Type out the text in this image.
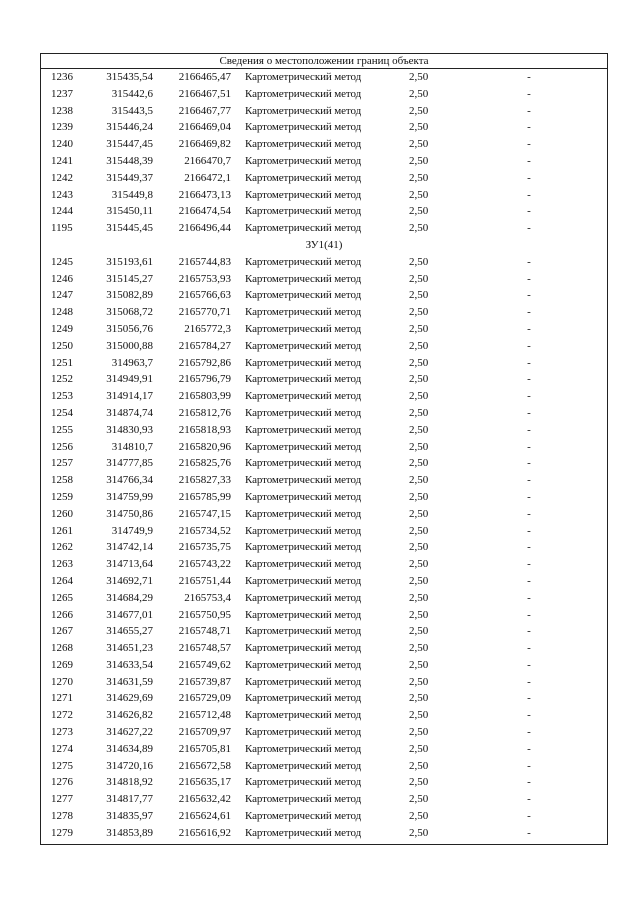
Сведения о местоположении границ объекта
1236	315435,54	2166465,47 Картометрический метод	2,50	-
1237	315442,6	2166467,51 Картометрический метод	2,50	-
1238	315443,5	2166467,77 Картометрический метод	2,50	-
1239	315446,24	2166469,04 Картометрический метод	2,50	-
1240	315447,45	2166469,82 Картометрический метод	2,50	-
1241	315448,39	2166470,7 Картометрический метод	2,50	-
1242	315449,37	2166472,1 Картометрический метод	2,50	-
1243	315449,8	2166473,13 Картометрический метод	2,50	-
1244	315450,11	2166474,54 Картометрический метод	2,50	-
1195	315445,45	2166496,44 Картометрический метод	2,50	-
ЗУ1(41)
1245	315193,61	2165744,83 Картометрический метод	2,50	-
1246	315145,27	2165753,93 Картометрический метод	2,50	-
1247	315082,89	2165766,63 Картометрический метод	2,50	-
1248	315068,72	2165770,71 Картометрический метод	2,50	-
1249	315056,76	2165772,3 Картометрический метод	2,50	-
1250	315000,88	2165784,27 Картометрический метод	2,50	-
1251	314963,7	2165792,86 Картометрический метод	2,50	-
1252	314949,91	2165796,79 Картометрический метод	2,50	-
1253	314914,17	2165803,99 Картометрический метод	2,50	-
1254	314874,74	2165812,76 Картометрический метод	2,50	-
1255	314830,93	2165818,93 Картометрический метод	2,50	-
1256	314810,7	2165820,96 Картометрический метод	2,50	-
1257	314777,85	2165825,76 Картометрический метод	2,50	-
1258	314766,34	2165827,33 Картометрический метод	2,50	-
1259	314759,99	2165785,99 Картометрический метод	2,50	-
1260	314750,86	2165747,15 Картометрический метод	2,50	-
1261	314749,9	2165734,52 Картометрический метод	2,50	-
1262	314742,14	2165735,75 Картометрический метод	2,50	-
1263	314713,64	2165743,22 Картометрический метод	2,50	-
1264	314692,71	2165751,44 Картометрический метод	2,50	-
1265	314684,29	2165753,4 Картометрический метод	2,50	-
1266	314677,01	2165750,95 Картометрический метод	2,50	-
1267	314655,27	2165748,71 Картометрический метод	2,50	-
1268	314651,23	2165748,57 Картометрический метод	2,50	-
1269	314633,54	2165749,62 Картометрический метод	2,50	-
1270	314631,59	2165739,87 Картометрический метод	2,50	-
1271	314629,69	2165729,09 Картометрический метод	2,50	-
1272	314626,82	2165712,48 Картометрический метод	2,50	-
1273	314627,22	2165709,97 Картометрический метод	2,50	-
1274	314634,89	2165705,81 Картометрический метод	2,50	-
1275	314720,16	2165672,58 Картометрический метод	2,50	-
1276	314818,92	2165635,17 Картометрический метод	2,50	-
1277	314817,77	2165632,42 Картометрический метод	2,50	-
1278	314835,97	2165624,61 Картометрический метод	2,50	-
1279	314853,89	2165616,92 Картометрический метод	2,50	-
